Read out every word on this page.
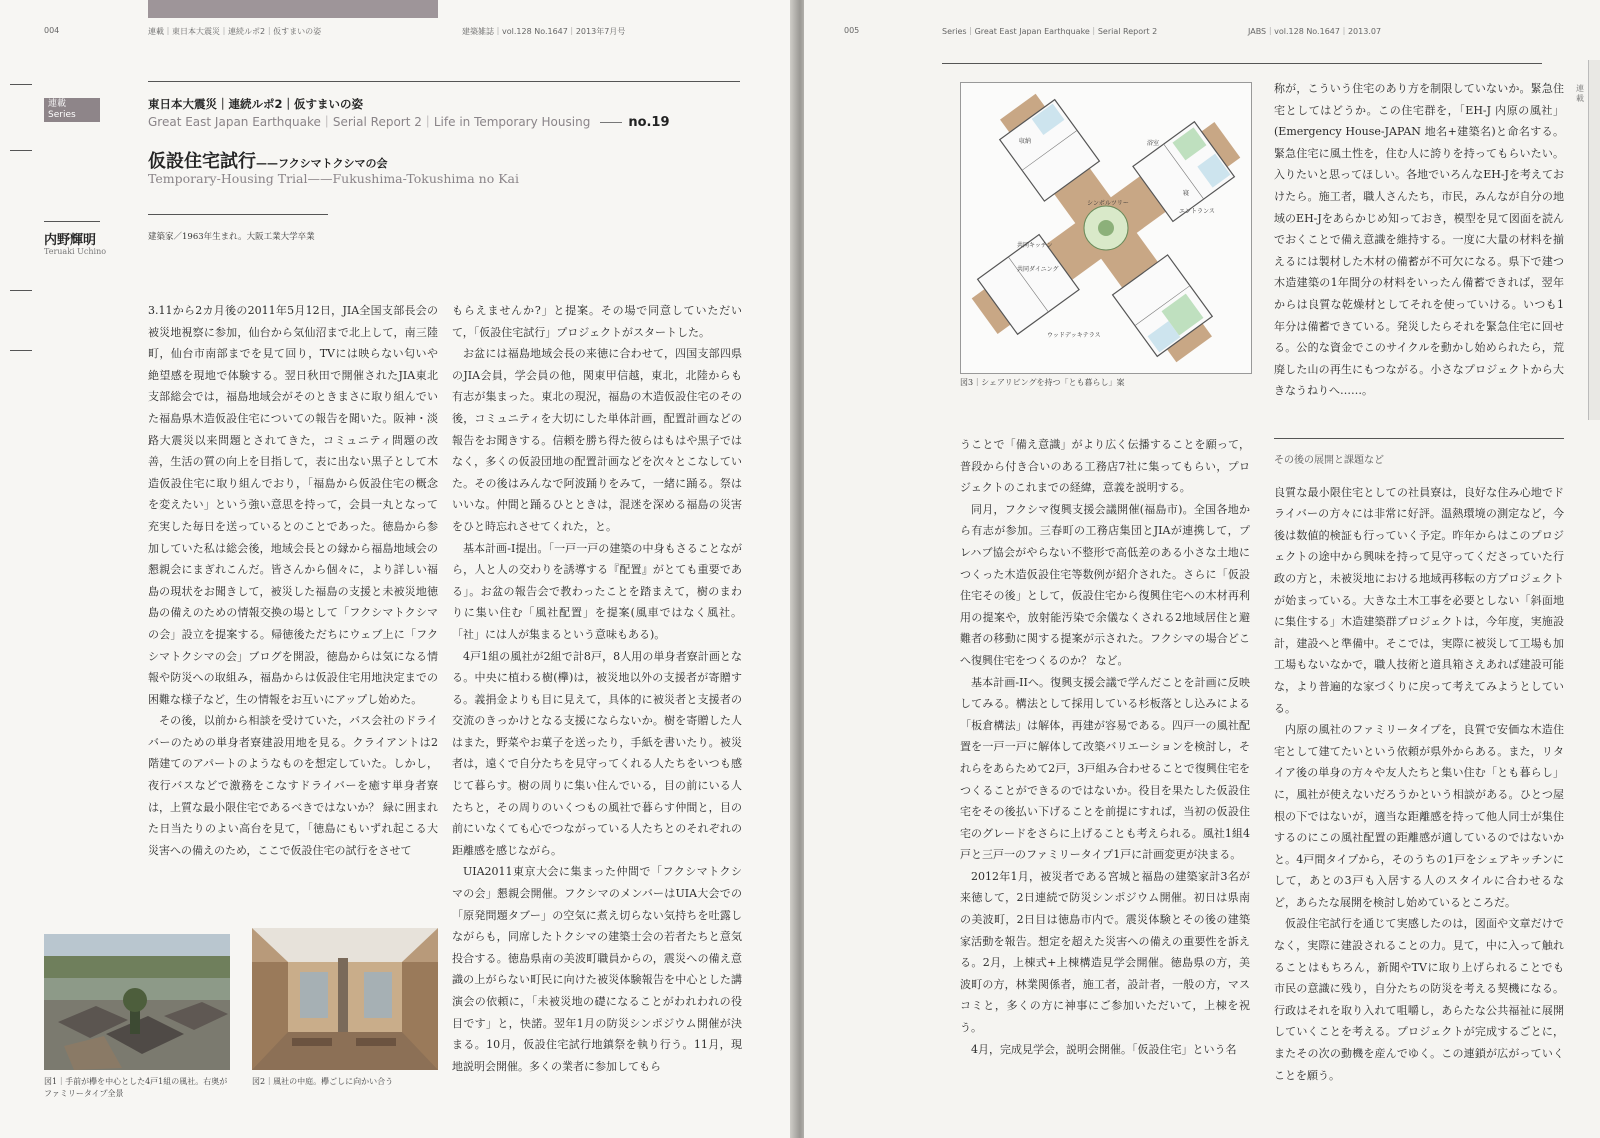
004	連載｜東日本大震災｜連続ルポ2｜仮すまいの姿	建築雑誌｜vol.128 No.1647｜2013年7月号
連載
Series
東日本大震災｜連続ルポ2｜仮すまいの姿
Great East Japan Earthquake｜Serial Report 2｜Life in Temporary Housing	no.19
仮設住宅試行——フクシマトクシマの会
Temporary-Housing Trial——Fukushima-Tokushima no Kai
内野輝明
Teruaki Uchino
建築家／1963年生まれ。大阪工業大学卒業

3.11から2カ月後の2011年5月12日，JIA全国支部長会の被災地視察に参加，仙台から気仙沼まで北上して，南三陸町，仙台市南部までを見て回り，TVには映らない匂いや絶望感を現地で体験する。翌日秋田で開催されたJIA東北支部総会では，福島地域会がそのときまさに取り組んでいた福島県木造仮設住宅についての報告を聞いた。阪神・淡路大震災以来問題とされてきた，コミュニティ問題の改善，生活の質の向上を目指して，表に出ない黒子として木造仮設住宅に取り組んでおり，「福島から仮設住宅の概念を変えたい」という強い意思を持って，会員一丸となって充実した毎日を送っているとのことであった。徳島から参加していた私は総会後，地域会長との縁から福島地域会の懇親会にまぎれこんだ。皆さんから個々に，より詳しい福島の現状をお聞きして，被災した福島の支援と未被災地徳島の備えのための情報交換の場として「フクシマトクシマの会」設立を提案する。帰徳後ただちにウェブ上に「フクシマトクシマの会」ブログを開設，徳島からは気になる情報や防災への取組み，福島からは仮設住宅用地決定までの困難な様子など，生の情報をお互いにアップし始めた。

その後，以前から相談を受けていた，バス会社のドライバーのための単身者寮建設用地を見る。クライアントは2階建てのアパートのようなものを想定していた。しかし，夜行バスなどで激務をこなすドライバーを癒す単身者寮は，上質な最小限住宅であるべきではないか？ 緑に囲まれた日当たりのよい高台を見て，「徳島にもいずれ起こる大災害への備えのため，ここで仮設住宅の試行をさせて

もらえませんか?」と提案。その場で同意していただいて，「仮設住宅試行」プロジェクトがスタートした。

お盆には福島地域会長の来徳に合わせて，四国支部四県のJIA会員，学会員の他，関東甲信越，東北，北陸からも有志が集まった。東北の現況，福島の木造仮設住宅のその後，コミュニティを大切にした単体計画，配置計画などの報告をお聞きする。信頼を勝ち得た彼らはもはや黒子ではなく，多くの仮設団地の配置計画などを次々とこなしていた。その後はみんなで阿波踊りをみて，一緒に踊る。祭はいいな。仲間と踊るひとときは，混迷を深める福島の災害をひと時忘れさせてくれた，と。

基本計画-I提出。「一戸一戸の建築の中身もさることながら，人と人の交わりを誘導する『配置』がとても重要である」。お盆の報告会で教わったことを踏まえて，樹のまわりに集い住む「風社配置」を提案(風車ではなく風社。「社」には人が集まるという意味もある)。

4戸1組の風社が2組で計8戸，8人用の単身者寮計画となる。中央に植わる樹(欅)は，被災地以外の支援者が寄贈する。義捐金よりも目に見えて，具体的に被災者と支援者の交流のきっかけとなる支援にならないか。樹を寄贈した人はまた，野菜やお菓子を送ったり，手紙を書いたり。被災者は，遠くで自分たちを見守ってくれる人たちをいつも感じて暮らす。樹の周りに集い住んでいる，目の前にいる人たちと，その周りのいくつもの風社で暮らす仲間と，目の前にいなくても心でつながっている人たちとのそれぞれの距離感を感じながら。

UIA2011東京大会に集まった仲間で「フクシマトクシマの会」懇親会開催。フクシマのメンバーはUIA大会での「原発問題タブー」の空気に煮え切らない気持ちを吐露しながらも，同席したトクシマの建築士会の若者たちと意気投合する。徳島県南の美波町職員からの，震災への備え意識の上がらない町民に向けた被災体験報告を中心とした講演会の依頼に，「未被災地の礎になることがわれわれの役目です」と，快諾。翌年1月の防災シンポジウム開催が決まる。10月，仮設住宅試行地鎮祭を執り行う。11月，現地説明会開催。多くの業者に参加してもら

図1｜手前が欅を中心とした4戸1組の風社。右奥がファミリータイプ全景
図2｜風社の中庭。欅ごしに向かい合う
005	Series｜Great East Japan Earthquake｜Serial Report 2	JABS｜vol.128 No.1647｜2013.07
シンボルツリー
収納	浴室
寝
エントランス
共同キッチン
共同ダイニング
ウッドデッキテラス
図3｜シェアリビングを持つ「とも暮らし」案

うことで「備え意識」がより広く伝播することを願って，普段から付き合いのある工務店7社に集ってもらい，プロジェクトのこれまでの経緯，意義を説明する。

同月，フクシマ復興支援会議開催(福島市)。全国各地から有志が参加。三春町の工務店集団とJIAが連携して，プレハブ協会がやらない不整形で高低差のある小さな土地につくった木造仮設住宅等数例が紹介された。さらに「仮設住宅その後」として，仮設住宅から復興住宅への木材再利用の提案や，放射能汚染で余儀なくされる2地域居住と避難者の移動に関する提案が示された。フクシマの場合どこへ復興住宅をつくるのか？ など。

基本計画-IIへ。復興支援会議で学んだことを計画に反映してみる。構法として採用している杉板落とし込みによる「板倉構法」は解体，再建が容易である。四戸一の風社配置を一戸一戸に解体して改築バリエーションを検討し，それらをあらためて2戸，3戸組み合わせることで復興住宅をつくることができるのではないか。役目を果たした仮設住宅をその後払い下げることを前提にすれば，当初の仮設住宅のグレードをさらに上げることも考えられる。風社1組4戸と三戸一のファミリータイプ1戸に計画変更が決まる。

2012年1月，被災者である宮城と福島の建築家計3名が来徳して，2日連続で防災シンポジウム開催。初日は県南の美波町，2日目は徳島市内で。震災体験とその後の建築家活動を報告。想定を超えた災害への備えの重要性を訴える。2月，上棟式+上棟構造見学会開催。徳島県の方，美波町の方，林業関係者，施工者，設計者，一般の方，マスコミと，多くの方に神事にご参加いただいて，上棟を祝う。

4月，完成見学会，説明会開催。「仮設住宅」という名

称が，こういう住宅のあり方を制限していないか。緊急住宅としてはどうか。この住宅群を，「EH-J 内原の風社」(Emergency House-JAPAN 地名+建築名)と命名する。緊急住宅に風土性を，住む人に誇りを持ってもらいたい。入りたいと思ってほしい。各地でいろんなEH-Jを考えておけたら。施工者，職人さんたち，市民，みんなが自分の地域のEH-Jをあらかじめ知っておき，模型を見て図面を読んでおくことで備え意識を維持する。一度に大量の材料を揃えるには製材した木材の備蓄が不可欠になる。県下で建つ木造建築の1年間分の材料をいったん備蓄できれば，翌年からは良質な乾燥材としてそれを使っていける。いつも1年分は備蓄できている。発災したらそれを緊急住宅に回せる。公的な資金でこのサイクルを動かし始められたら，荒廃した山の再生にもつながる。小さなプロジェクトから大きなうねりへ……。

その後の展開と課題など

良質な最小限住宅としての社員寮は，良好な住み心地でドライバーの方々には非常に好評。温熱環境の測定など，今後は数値的検証も行っていく予定。昨年からはこのプロジェクトの途中から興味を持って見守ってくださっていた行政の方と，未被災地における地域再移転の方プロジェクトが始まっている。大きな土木工事を必要としない「斜面地に集住する」木造建築群プロジェクトは，今年度，実施設計，建設へと準備中。そこでは，実際に被災して工場も加工場もないなかで，職人技術と道具箱さえあれば建設可能な，より普遍的な家づくりに戻って考えてみようとしている。

内原の風社のファミリータイプを，良質で安価な木造住宅として建てたいという依頼が県外からある。また，リタイア後の単身の方々や友人たちと集い住む「とも暮らし」に，風社が使えないだろうかという相談がある。ひとつ屋根の下ではないが，適当な距離感を持って他人同士が集住するのにこの風社配置の距離感が適しているのではないかと。4戸間タイプから，そのうちの1戸をシェアキッチンにして，あとの3戸も入居する人のスタイルに合わせるなど，あらたな展開を検討し始めているところだ。

仮設住宅試行を通じて実感したのは，図面や文章だけでなく，実際に建設されることの力。見て，中に入って触れることはもちろん，新聞やTVに取り上げられることでも市民の意識に残り，自分たちの防災を考える契機になる。行政はそれを取り入れて咀嚼し，あらたな公共福祉に展開していくことを考える。プロジェクトが完成するごとに，またその次の動機を産んでゆく。この連鎖が広がっていくことを願う。

連載
